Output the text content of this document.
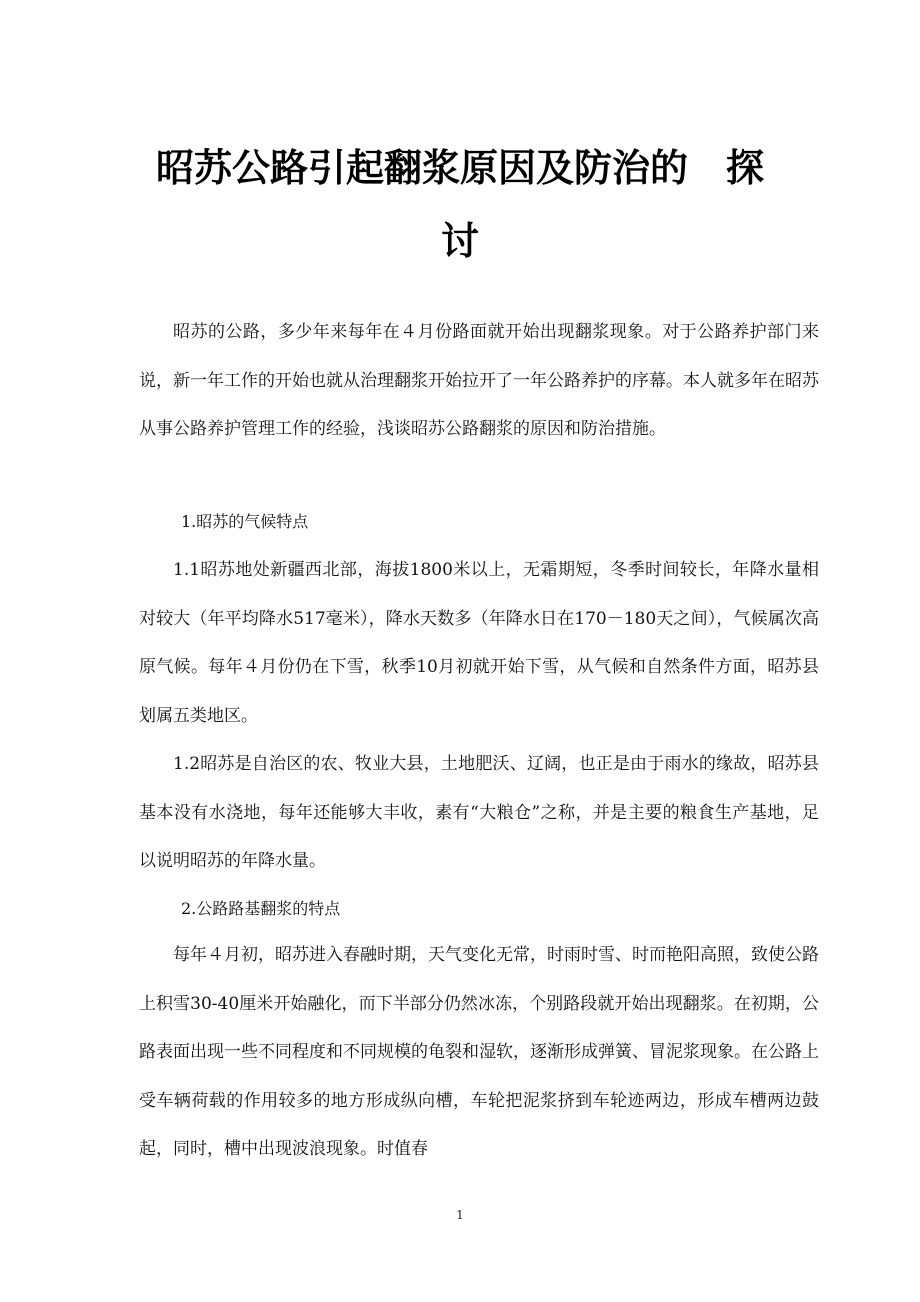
昭苏公路引起翻浆原因及防治的　探
讨

昭苏的公路，多少年来每年在４月份路面就开始出现翻浆现象。对于公路养护部门来说，新一年工作的开始也就从治理翻浆开始拉开了一年公路养护的序幕。本人就多年在昭苏从事公路养护管理工作的经验，浅谈昭苏公路翻浆的原因和防治措施。

1.昭苏的气候特点

1.1昭苏地处新疆西北部，海拔1800米以上，无霜期短，冬季时间较长，年降水量相对较大（年平均降水517毫米），降水天数多（年降水日在170－180天之间），气候属次高原气候。每年４月份仍在下雪，秋季10月初就开始下雪，从气候和自然条件方面，昭苏县划属五类地区。

1.2昭苏是自治区的农、牧业大县，土地肥沃、辽阔，也正是由于雨水的缘故，昭苏县基本没有水浇地，每年还能够大丰收，素有“大粮仓”之称，并是主要的粮食生产基地，足以说明昭苏的年降水量。

2.公路路基翻浆的特点

每年４月初，昭苏进入春融时期，天气变化无常，时雨时雪、时而艳阳高照，致使公路上积雪30-40厘米开始融化，而下半部分仍然冰冻，个别路段就开始出现翻浆。在初期，公路表面出现一些不同程度和不同规模的龟裂和湿软，逐渐形成弹簧、冒泥浆现象。在公路上受车辆荷载的作用较多的地方形成纵向槽，车轮把泥浆挤到车轮迹两边，形成车槽两边鼓起，同时，槽中出现波浪现象。时值春

1
